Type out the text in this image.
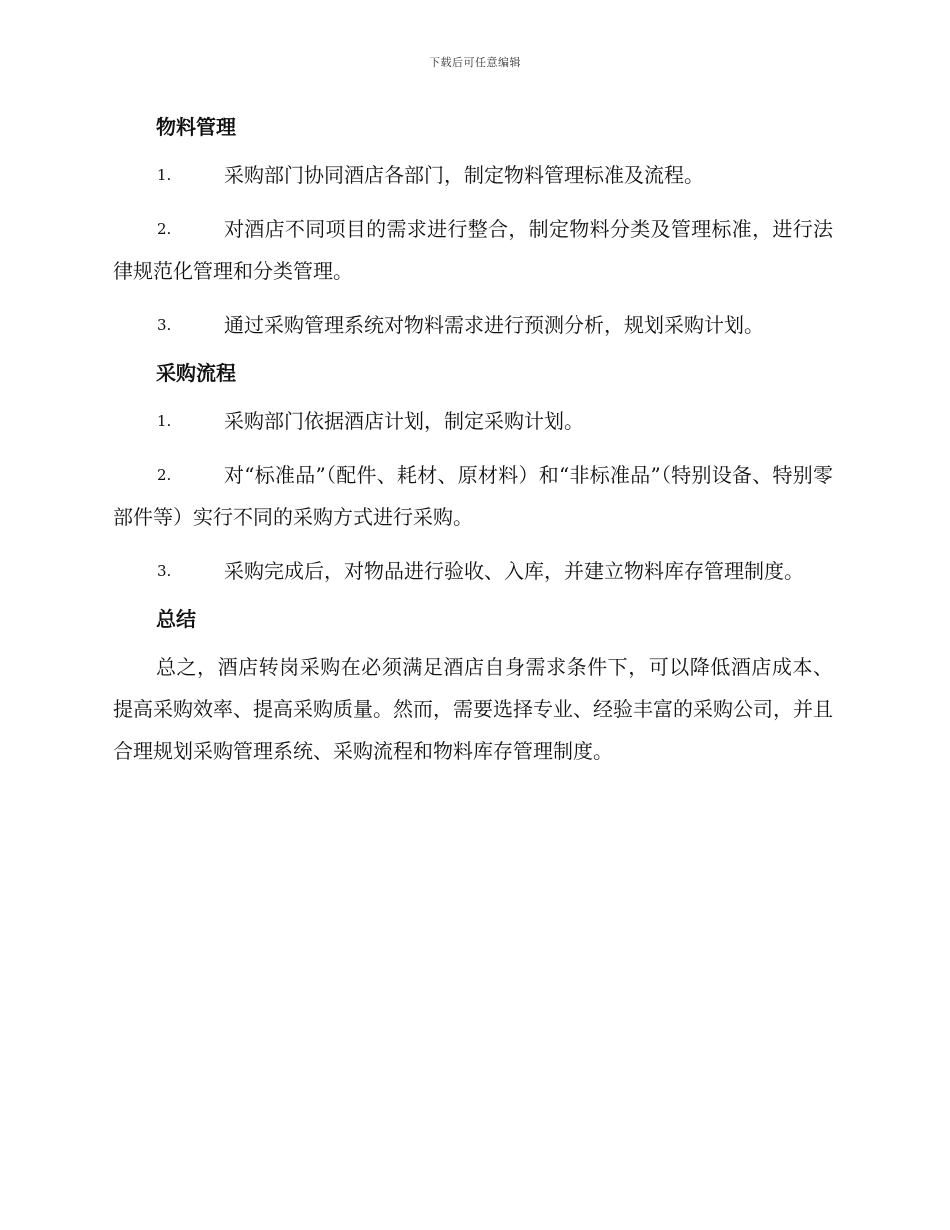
下载后可任意编辑
物料管理
1.	采购部门协同酒店各部门，制定物料管理标准及流程。
2.	对酒店不同项目的需求进行整合，制定物料分类及管理标准，进行法律规范化管理和分类管理。
3.	通过采购管理系统对物料需求进行预测分析，规划采购计划。
采购流程
1.	采购部门依据酒店计划，制定采购计划。
2.	对“标准品”（配件、耗材、原材料）和“非标准品”（特别设备、特别零部件等）实行不同的采购方式进行采购。
3.	采购完成后，对物品进行验收、入库，并建立物料库存管理制度。
总结

总之，酒店转岗采购在必须满足酒店自身需求条件下，可以降低酒店成本、提高采购效率、提高采购质量。然而，需要选择专业、经验丰富的采购公司，并且合理规划采购管理系统、采购流程和物料库存管理制度。
